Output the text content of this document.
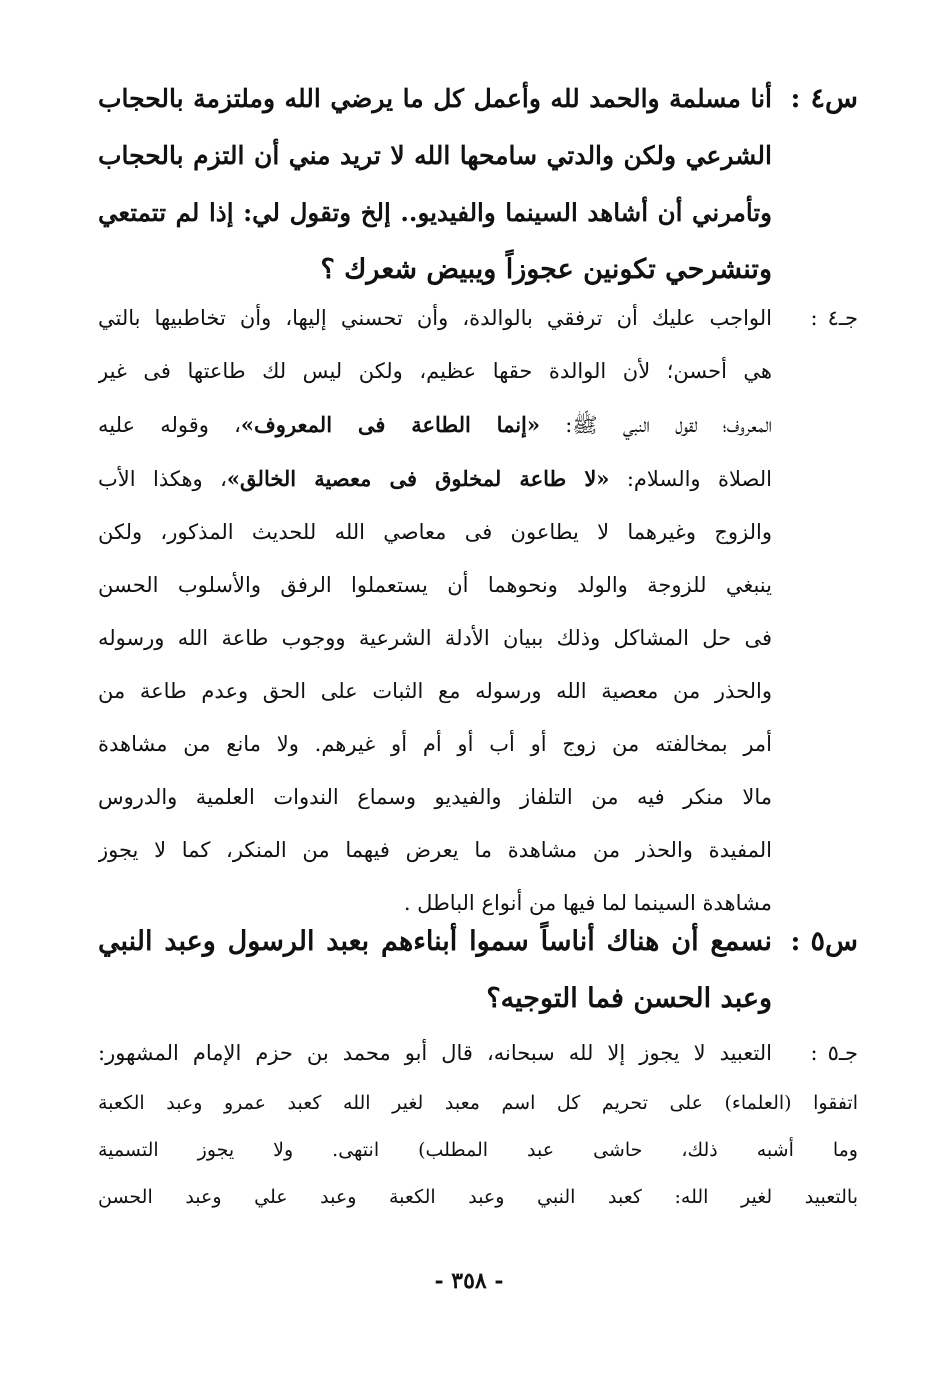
س٤:
أنا مسلمة والحمد لله وأعمل كل ما يرضي الله وملتزمة بالحجاب
الشرعي ولكن والدتي سامحها الله لا تريد مني أن التزم بالحجاب
وتأمرني أن أشاهد السينما والفيديو.. إلخ وتقول لي: إذا لم تتمتعي
وتنشرحي تكونين عجوزاً ويبيض شعرك ؟
جـ٤:
الواجب عليك أن ترفقي بالوالدة، وأن تحسني إليها، وأن تخاطبيها بالتي
هي أحسن؛ لأن الوالدة حقها عظيم، ولكن ليس لك طاعتها فى غير
المعروف؛ لقول النبي ﷺ: «إنما الطاعة فى المعروف»، وقوله عليه
الصلاة والسلام: «لا طاعة لمخلوق فى معصية الخالق»، وهكذا الأب
والزوج وغيرهما لا يطاعون فى معاصي الله للحديث المذكور، ولكن
ينبغي للزوجة والولد ونحوهما أن يستعملوا الرفق والأسلوب الحسن
فى حل المشاكل وذلك ببيان الأدلة الشرعية ووجوب طاعة الله ورسوله
والحذر من معصية الله ورسوله مع الثبات على الحق وعدم طاعة من
أمر بمخالفته من زوج أو أب أو أم أو غيرهم. ولا مانع من مشاهدة
مالا منكر فيه من التلفاز والفيديو وسماع الندوات العلمية والدروس
المفيدة والحذر من مشاهدة ما يعرض فيهما من المنكر، كما لا يجوز
مشاهدة السينما لما فيها من أنواع الباطل .
س٥:
نسمع أن هناك أناساً سموا أبناءهم بعبد الرسول وعبد النبي
وعبد الحسن فما التوجيه؟
جـ٥:
التعبيد لا يجوز إلا لله سبحانه، قال أبو محمد بن حزم الإمام المشهور:
اتفقوا (العلماء) على تحريم كل اسم معبد لغير الله كعبد عمرو وعبد الكعبة
وما أشبه ذلك، حاشى عبد المطلب) انتهى. ولا يجوز التسمية
بالتعبيد لغير الله: كعبد النبي وعبد الكعبة وعبد علي وعبد الحسن
- ٣٥٨ -
